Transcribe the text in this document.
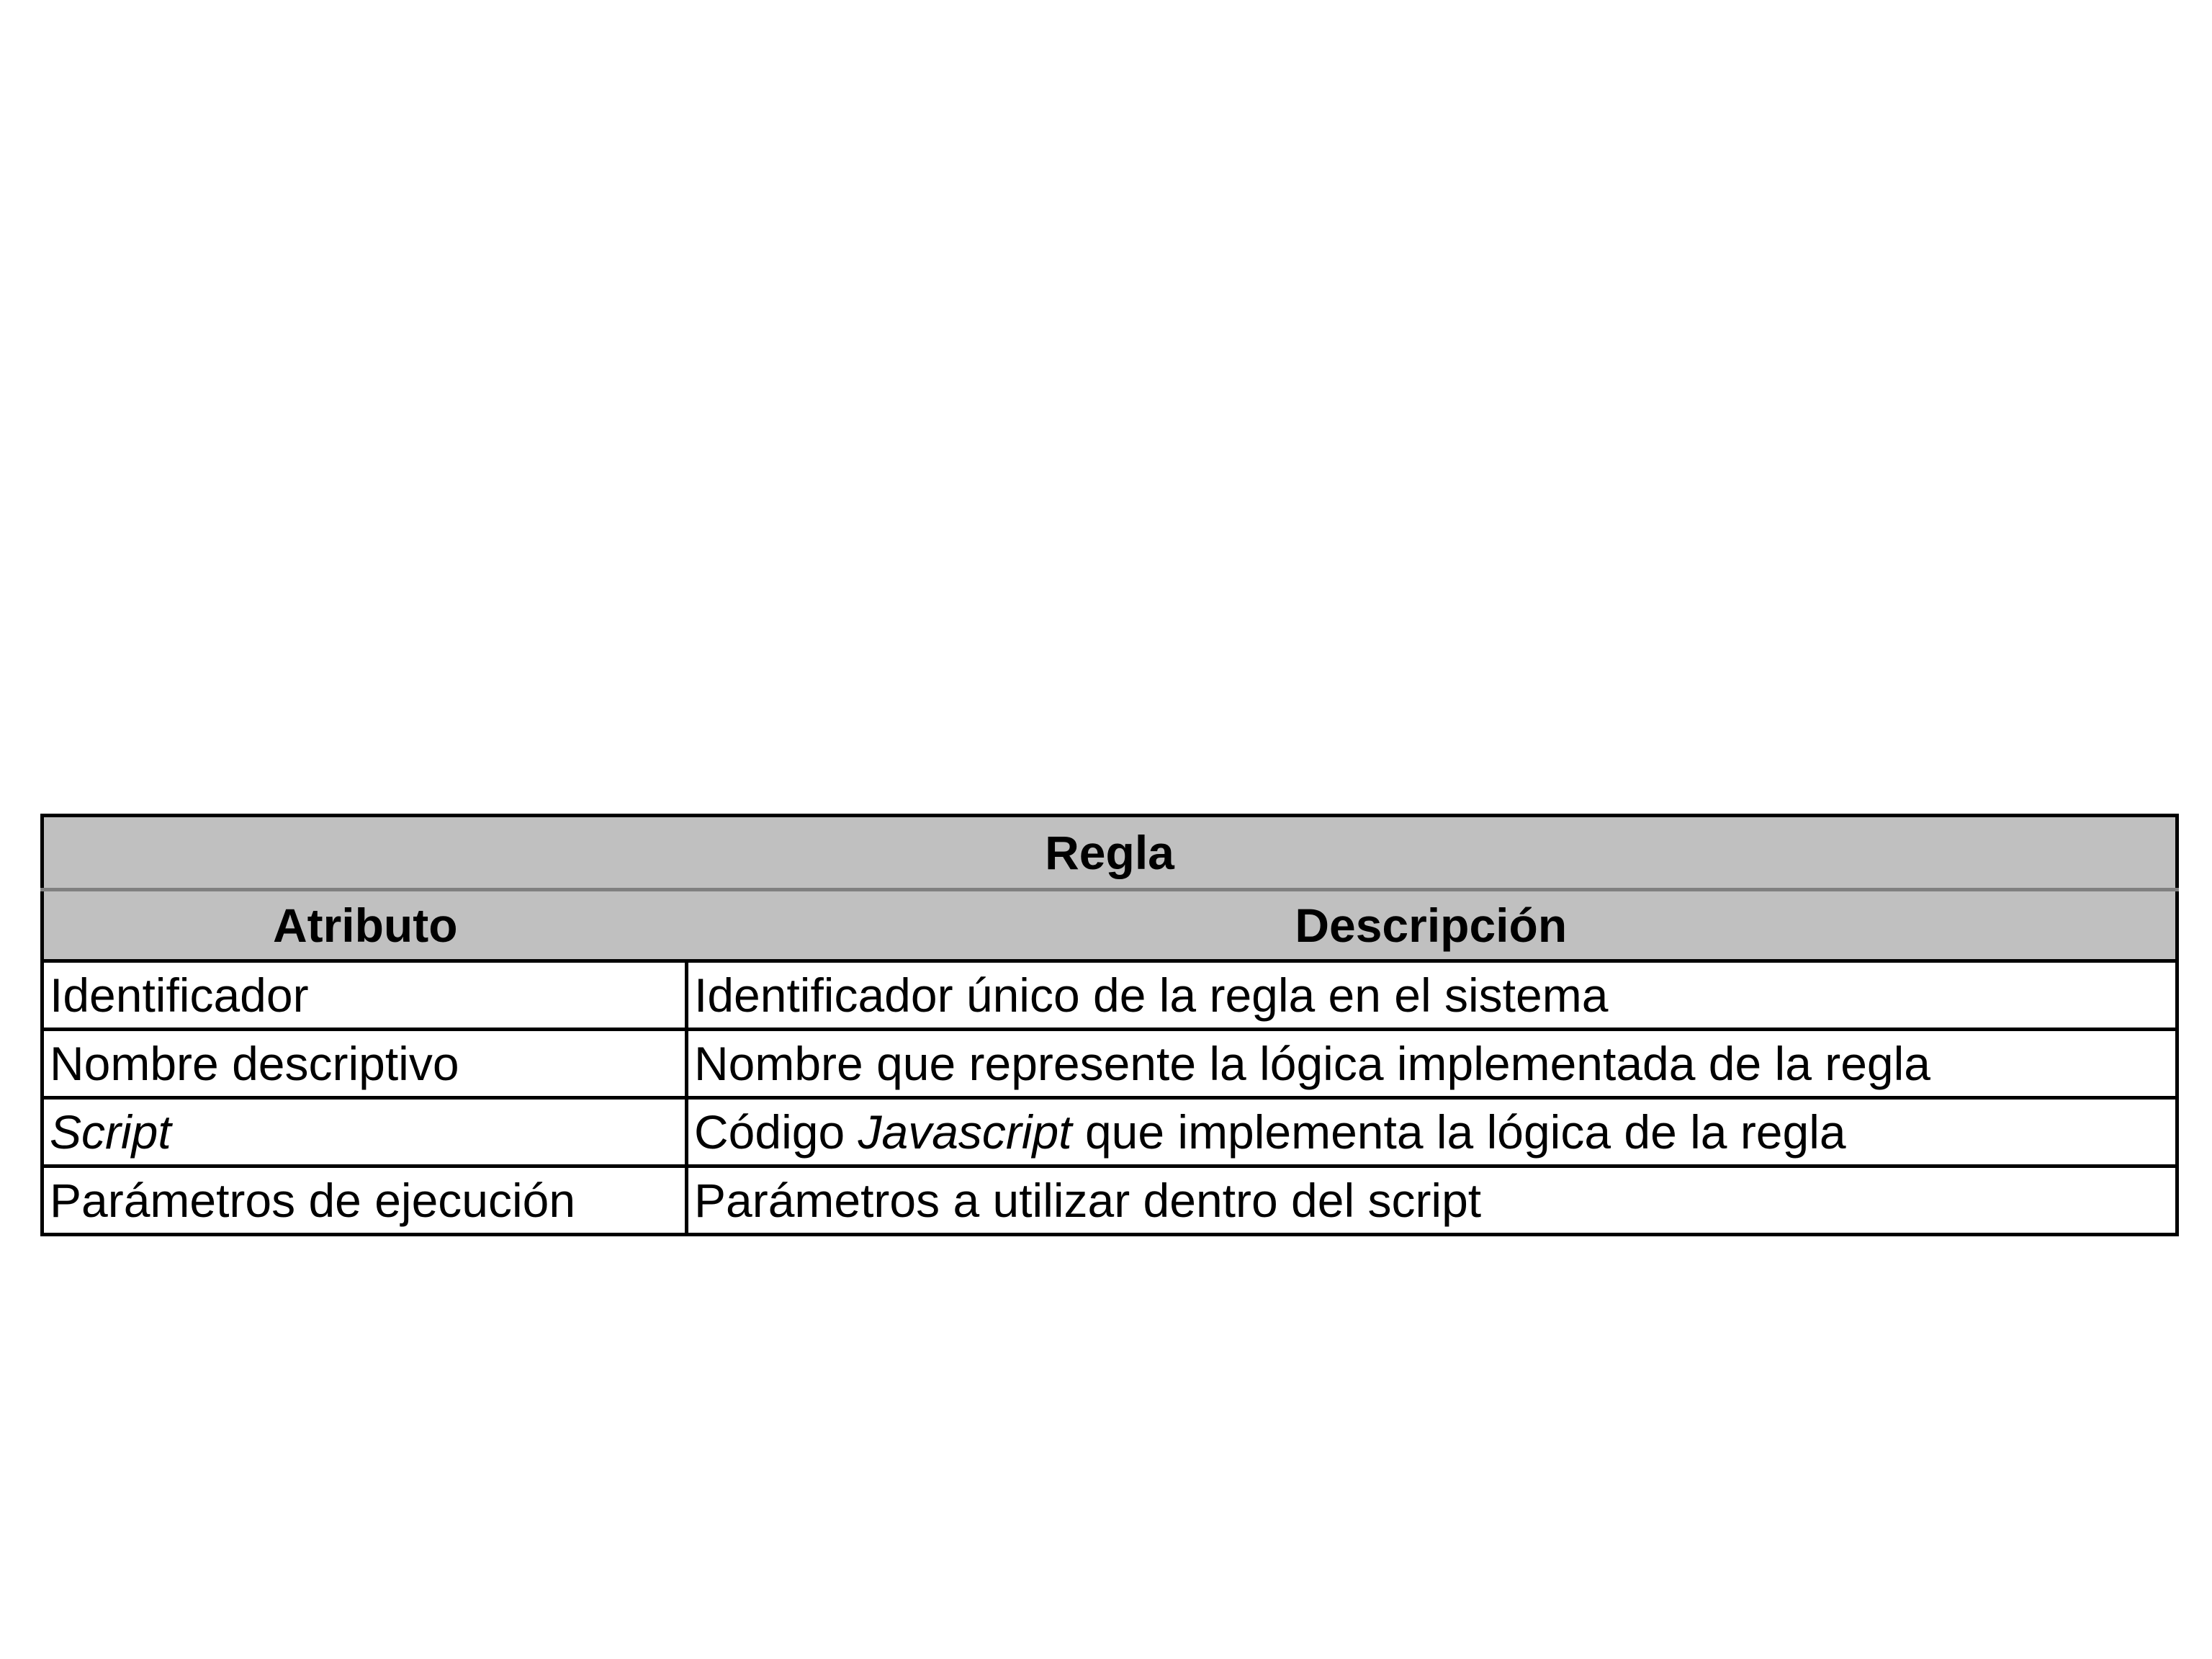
Regla	
Atributo	Descripción
Identificador	Identificador único de la regla en el sistema
Nombre descriptivo	Nombre que represente la lógica implementada de la regla
Script	Código Javascript que implementa la lógica de la regla
Parámetros de ejecución	Parámetros a utilizar dentro del script
